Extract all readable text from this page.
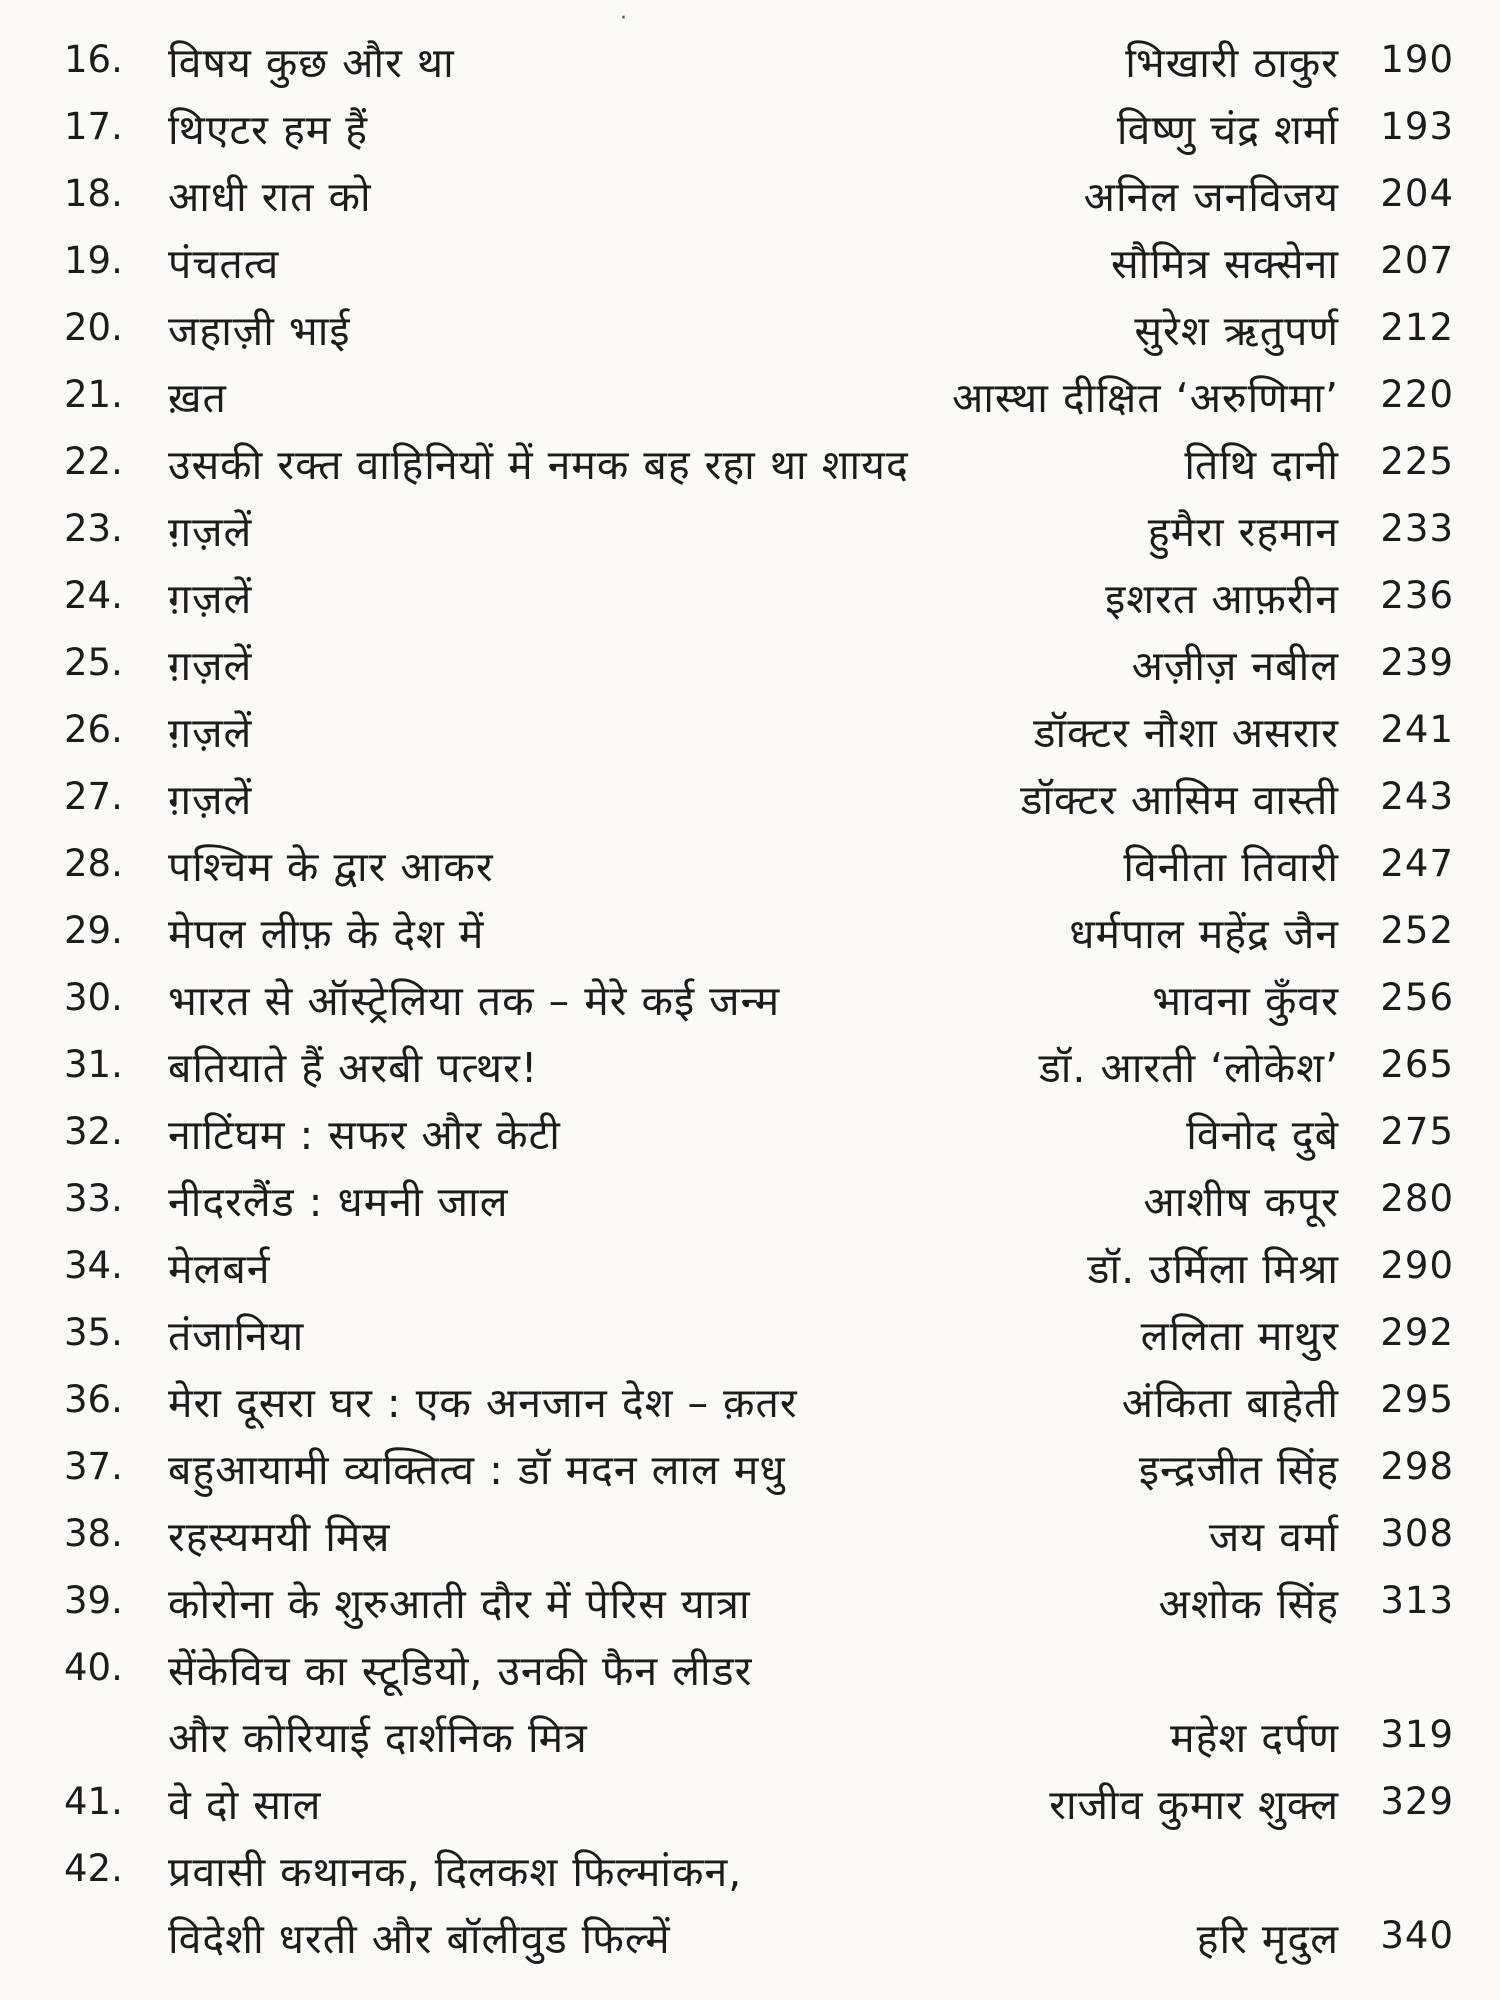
·
16. विषय कुछ और था	भिखारी ठाकुर 190
17. थिएटर हम हैं	विष्णु चंद्र शर्मा 193
18. आधी रात को	अनिल जनविजय 204
19. पंचतत्व	सौमित्र सक्सेना 207
20. जहाज़ी भाई	सुरेश ऋतुपर्ण 212
21. ख़त	आस्था दीक्षित ‘अरुणिमा’ 220
22. उसकी रक्त वाहिनियों में नमक बह रहा था शायद	तिथि दानी 225
23. ग़ज़लें	हुमैरा रहमान 233
24. ग़ज़लें	इशरत आफ़रीन 236
25. ग़ज़लें	अज़ीज़ नबील 239
26. ग़ज़लें	डॉक्टर नौशा असरार 241
27. ग़ज़लें	डॉक्टर आसिम वास्ती 243
28. पश्चिम के द्वार आकर	विनीता तिवारी 247
29. मेपल लीफ़ के देश में	धर्मपाल महेंद्र जैन 252
30. भारत से ऑस्ट्रेलिया तक – मेरे कई जन्म	भावना कुँवर 256
31. बतियाते हैं अरबी पत्थर!	डॉ. आरती ‘लोकेश’ 265
32. नाटिंघम : सफर और केटी	विनोद दुबे 275
33. नीदरलैंड : धमनी जाल	आशीष कपूर 280
34. मेलबर्न	डॉ. उर्मिला मिश्रा 290
35. तंजानिया	ललिता माथुर 292
36. मेरा दूसरा घर : एक अनजान देश – क़तर	अंकिता बाहेती 295
37. बहुआयामी व्यक्तित्व : डॉ मदन लाल मधु	इन्द्रजीत सिंह 298
38. रहस्यमयी मिस्र	जय वर्मा 308
39. कोरोना के शुरुआती दौर में पेरिस यात्रा	अशोक सिंह 313
40. सेंकेविच का स्टूडियो, उनकी फैन लीडर
और कोरियाई दार्शनिक मित्र	महेश दर्पण 319
41. वे दो साल	राजीव कुमार शुक्ल 329
42. प्रवासी कथानक, दिलकश फिल्मांकन,
विदेशी धरती और बॉलीवुड फिल्में	हरि मृदुल 340
